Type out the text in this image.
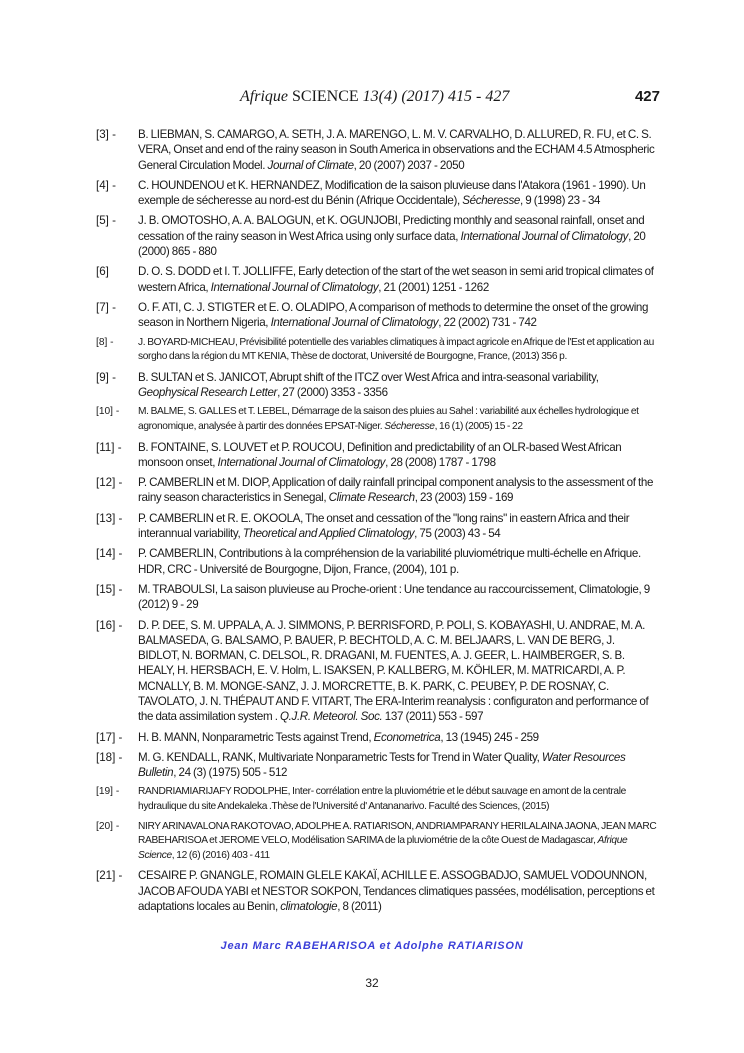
Afrique SCIENCE 13(4) (2017) 415 - 427	427
[3] -	B. LIEBMAN, S. CAMARGO, A. SETH, J. A. MARENGO, L. M. V. CARVALHO, D. ALLURED, R. FU, et C. S. VERA, Onset and end of the rainy season in South America in observations and the ECHAM 4.5 Atmospheric General Circulation Model. Journal of Climate, 20 (2007) 2037 - 2050
[4] -	C. HOUNDENOU et K. HERNANDEZ, Modification de la saison pluvieuse dans l'Atakora (1961 - 1990). Un exemple de sécheresse au nord-est du Bénin (Afrique Occidentale), Sécheresse, 9 (1998) 23 - 34
[5] -	J. B. OMOTOSHO, A. A. BALOGUN, et K. OGUNJOBI, Predicting monthly and seasonal rainfall, onset and cessation of the rainy season in West Africa using only surface data, International Journal of Climatology, 20 (2000) 865 - 880
[6]	D. O. S. DODD et I. T. JOLLIFFE, Early detection of the start of the wet season in semi arid tropical climates of western Africa, International Journal of Climatology, 21 (2001) 1251 - 1262
[7] -	O. F. ATI, C. J. STIGTER et E. O. OLADIPO, A comparison of methods to determine the onset of the growing season in Northern Nigeria, International Journal of Climatology, 22 (2002) 731 - 742
[8] -	J. BOYARD-MICHEAU, Prévisibilité potentielle des variables climatiques à impact agricole en Afrique de l'Est et application au sorgho dans la région du MT KENIA, Thèse de doctorat, Université de Bourgogne, France, (2013) 356 p.
[9] -	B. SULTAN et S. JANICOT, Abrupt shift of the ITCZ over West Africa and intra-seasonal variability, Geophysical Research Letter, 27 (2000) 3353 - 3356
[10] -	M. BALME, S. GALLES et T. LEBEL, Démarrage de la saison des pluies au Sahel : variabilité aux échelles hydrologique et agronomique, analysée à partir des données EPSAT-Niger. Sécheresse, 16 (1) (2005) 15 - 22
[11] -	B. FONTAINE, S. LOUVET et P. ROUCOU, Definition and predictability of an OLR-based West African monsoon onset, International Journal of Climatology, 28 (2008) 1787 - 1798
[12] -	P. CAMBERLIN et M. DIOP, Application of daily rainfall principal component analysis to the assessment of the rainy season characteristics in Senegal, Climate Research, 23 (2003) 159 - 169
[13] -	P. CAMBERLIN et R. E. OKOOLA, The onset and cessation of the "long rains" in eastern Africa and their interannual variability, Theoretical and Applied Climatology, 75 (2003) 43 - 54
[14] -	P. CAMBERLIN, Contributions à la compréhension de la variabilité pluviométrique multi-échelle en Afrique. HDR, CRC - Université de Bourgogne, Dijon, France, (2004), 101 p.
[15] -	M. TRABOULSI, La saison pluvieuse au Proche-orient : Une tendance au raccourcissement, Climatologie, 9 (2012) 9 - 29
[16] -	D. P. DEE, S. M. UPPALA, A. J. SIMMONS, P. BERRISFORD, P. POLI, S. KOBAYASHI, U. ANDRAE, M. A. BALMASEDA, G. BALSAMO, P. BAUER, P. BECHTOLD, A. C. M. BELJAARS, L. VAN DE BERG, J. BIDLOT, N. BORMAN, C. DELSOL, R. DRAGANI, M. FUENTES, A. J. GEER, L. HAIMBERGER, S. B. HEALY, H. HERSBACH, E. V. Holm, L. ISAKSEN, P. KALLBERG, M. KÖHLER, M. MATRICARDI, A. P. MCNALLY, B. M. MONGE-SANZ, J. J. MORCRETTE, B. K. PARK, C. PEUBEY, P. DE ROSNAY, C. TAVOLATO, J. N. THÉPAUT AND F. VITART, The ERA-Interim reanalysis : configuraton and performance of the data assimilation system . Q.J.R. Meteorol. Soc. 137 (2011) 553 - 597
[17] -	H. B. MANN, Nonparametric Tests against Trend, Econometrica, 13 (1945) 245 - 259
[18] -	M. G. KENDALL, RANK, Multivariate Nonparametric Tests for Trend in Water Quality, Water Resources Bulletin, 24 (3) (1975) 505 - 512
[19] -	RANDRIAMIARIJAFY RODOLPHE, Inter- corrélation entre la pluviométrie et le début sauvage en amont de la centrale hydraulique du site Andekaleka .Thèse de l'Université d' Antananarivo. Faculté des Sciences, (2015)
[20] -	NIRY ARINAVALONA RAKOTOVAO, ADOLPHE A. RATIARISON, ANDRIAMPARANY HERILALAINA JAONA, JEAN MARC RABEHARISOA et JEROME VELO, Modélisation SARIMA de la pluviométrie de la côte Ouest de Madagascar, Afrique Science, 12 (6) (2016) 403 - 411
[21] -	CESAIRE P. GNANGLE, ROMAIN GLELE KAKAÏ, ACHILLE E. ASSOGBADJO, SAMUEL VODOUNNON, JACOB AFOUDA YABI et NESTOR SOKPON, Tendances climatiques passées, modélisation, perceptions et adaptations locales au Benin, climatologie, 8 (2011)
Jean Marc RABEHARISOA et Adolphe RATIARISON
32
